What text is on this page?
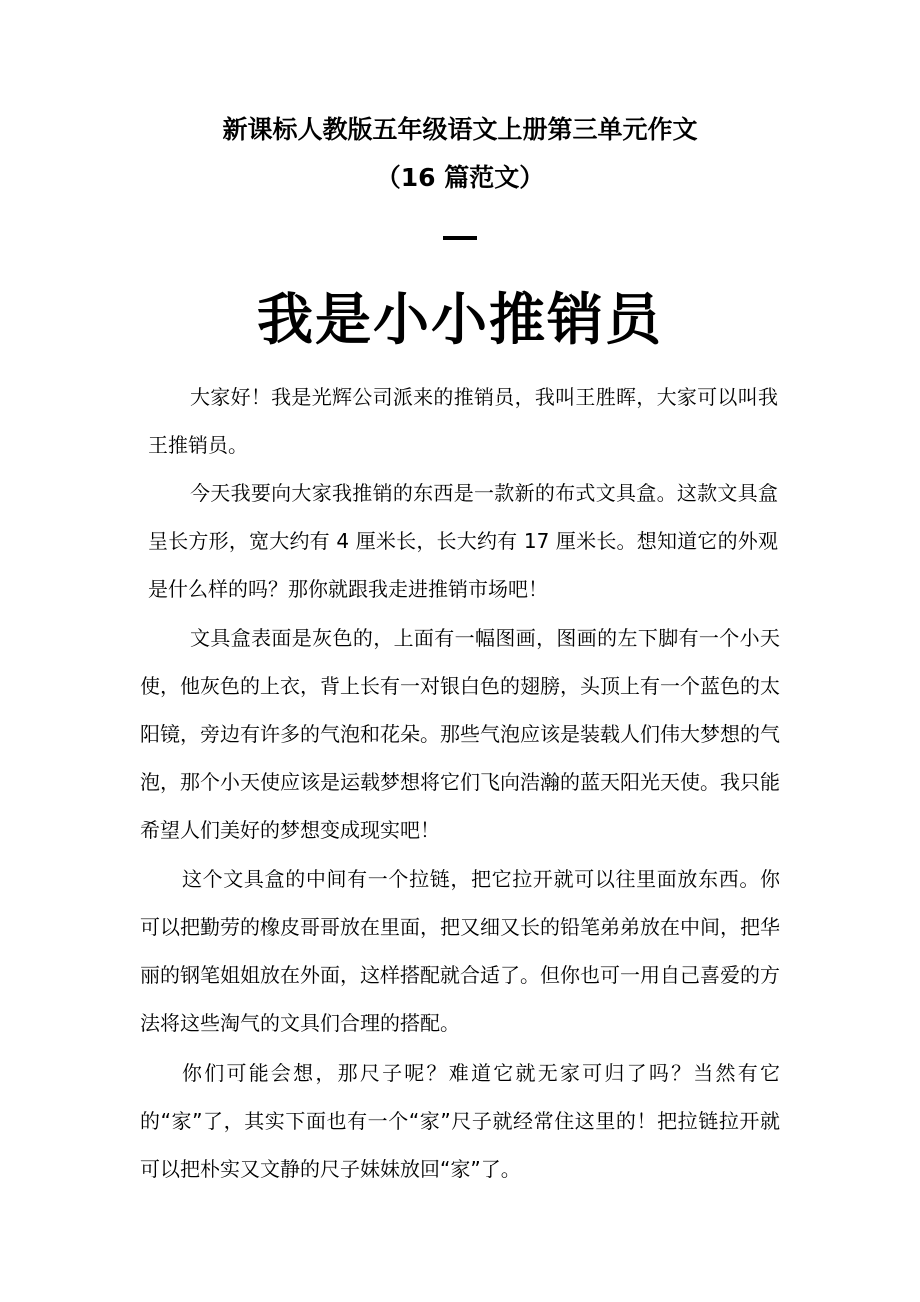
新课标人教版五年级语文上册第三单元作文
（16 篇范文）
我是小小推销员

大家好！我是光辉公司派来的推销员，我叫王胜晖，大家可以叫我王推销员。

今天我要向大家我推销的东西是一款新的布式文具盒。这款文具盒呈长方形，宽大约有 4 厘米长，长大约有 17 厘米长。想知道它的外观是什么样的吗？那你就跟我走进推销市场吧！

文具盒表面是灰色的，上面有一幅图画，图画的左下脚有一个小天使，他灰色的上衣，背上长有一对银白色的翅膀，头顶上有一个蓝色的太阳镜，旁边有许多的气泡和花朵。那些气泡应该是装载人们伟大梦想的气泡，那个小天使应该是运载梦想将它们飞向浩瀚的蓝天阳光天使。我只能希望人们美好的梦想变成现实吧！

这个文具盒的中间有一个拉链，把它拉开就可以往里面放东西。你可以把勤劳的橡皮哥哥放在里面，把又细又长的铅笔弟弟放在中间，把华丽的钢笔姐姐放在外面，这样搭配就合适了。但你也可一用自己喜爱的方法将这些淘气的文具们合理的搭配。

你们可能会想，那尺子呢？难道它就无家可归了吗？当然有它的“家”了，其实下面也有一个“家”尺子就经常住这里的！把拉链拉开就可以把朴实又文静的尺子妹妹放回“家”了。
